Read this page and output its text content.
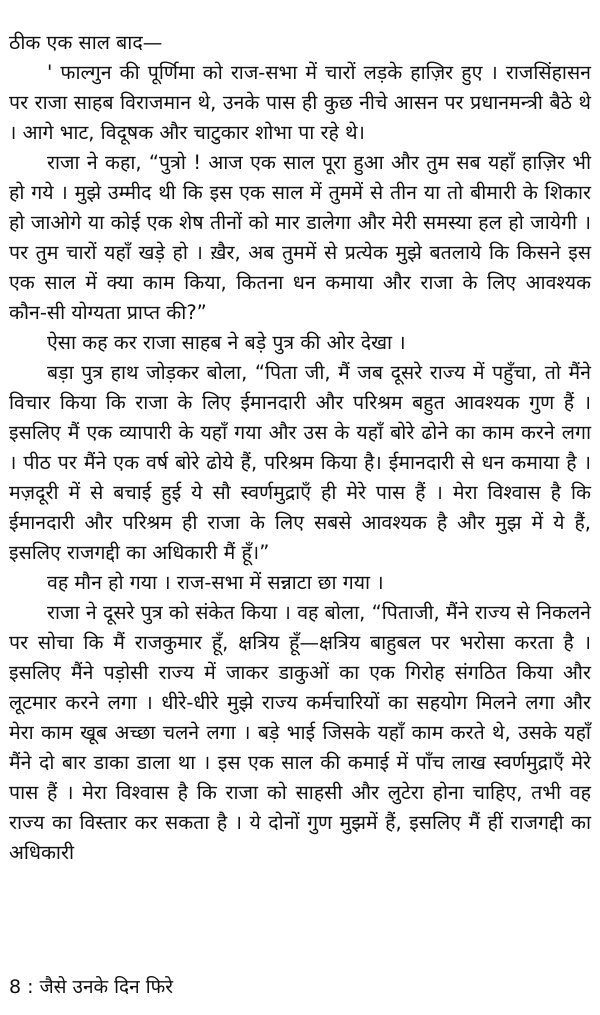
ठीक एक साल बाद—

' फाल्गुन की पूर्णिमा को राज-सभा में चारों लड़के हाज़िर हुए । राजसिंहासन पर राजा साहब विराजमान थे, उनके पास ही कुछ नीचे आसन पर प्रधानमन्त्री बैठे थे । आगे भाट, विदूषक और चाटुकार शोभा पा रहे थे।

राजा ने कहा, “पुत्रो ! आज एक साल पूरा हुआ और तुम सब यहाँ हाज़िर भी हो गये । मुझे उम्मीद थी कि इस एक साल में तुममें से तीन या तो बीमारी के शिकार हो जाओगे या कोई एक शेष तीनों को मार डालेगा और मेरी समस्या हल हो जायेगी । पर तुम चारों यहाँ खड़े हो । ख़ैर, अब तुममें से प्रत्येक मुझे बतलाये कि किसने इस एक साल में क्या काम किया, कितना धन कमाया और राजा के लिए आवश्यक कौन-सी योग्यता प्राप्त की?”

ऐसा कह कर राजा साहब ने बड़े पुत्र की ओर देखा ।

बड़ा पुत्र हाथ जोड़कर बोला, “पिता जी, मैं जब दूसरे राज्य में पहुँचा, तो मैंने विचार किया कि राजा के लिए ईमानदारी और परिश्रम बहुत आवश्यक गुण हैं । इसलिए मैं एक व्यापारी के यहाँ गया और उस के यहाँ बोरे ढोने का काम करने लगा । पीठ पर मैंने एक वर्ष बोरे ढोये हैं, परिश्रम किया है। ईमानदारी से धन कमाया है । मज़दूरी में से बचाई हुई ये सौ स्वर्णमुद्राएँ ही मेरे पास हैं । मेरा विश्वास है कि ईमानदारी और परिश्रम ही राजा के लिए सबसे आवश्यक है और मुझ में ये हैं, इसलिए राजगद्दी का अधिकारी मैं हूँ।”

वह मौन हो गया । राज-सभा में सन्नाटा छा गया ।

राजा ने दूसरे पुत्र को संकेत किया । वह बोला, “पिताजी, मैंने राज्य से निकलने पर सोचा कि मैं राजकुमार हूँ, क्षत्रिय हूँ—क्षत्रिय बाहुबल पर भरोसा करता है । इसलिए मैंने पड़ोसी राज्य में जाकर डाकुओं का एक गिरोह संगठित किया और लूटमार करने लगा । धीरे-धीरे मुझे राज्य कर्मचारियों का सहयोग मिलने लगा और मेरा काम खूब अच्छा चलने लगा । बड़े भाई जिसके यहाँ काम करते थे, उसके यहाँ मैंने दो बार डाका डाला था । इस एक साल की कमाई में पाँच लाख स्वर्णमुद्राएँ मेरे पास हैं । मेरा विश्वास है कि राजा को साहसी और लुटेरा होना चाहिए, तभी वह राज्य का विस्तार कर सकता है । ये दोनों गुण मुझमें हैं, इसलिए मैं हीं राजगद्दी का अधिकारी

8 : जैसे उनके दिन फिरे
